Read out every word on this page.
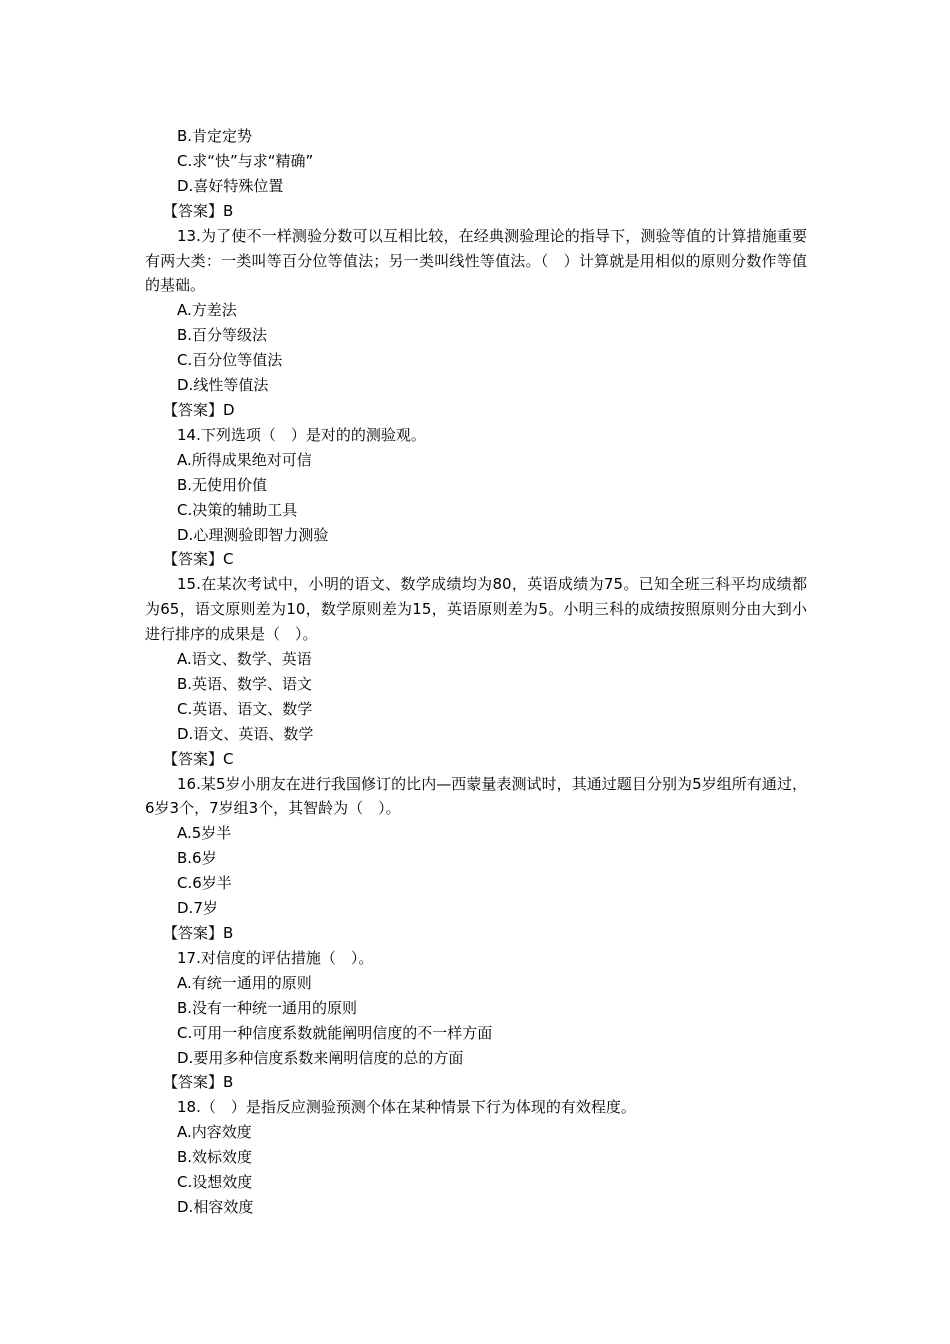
B.肯定定势

C.求“快”与求“精确”

D.喜好特殊位置

【答案】B

13.为了使不一样测验分数可以互相比较，在经典测验理论的指导下，测验等值的计算措施重要有两大类：一类叫等百分位等值法；另一类叫线性等值法。（　）计算就是用相似的原则分数作等值的基础。

A.方差法

B.百分等级法

C.百分位等值法

D.线性等值法

【答案】D

14.下列选项（　）是对的的测验观。

A.所得成果绝对可信

B.无使用价值

C.决策的辅助工具

D.心理测验即智力测验

【答案】C

15.在某次考试中，小明的语文、数学成绩均为80，英语成绩为75。已知全班三科平均成绩都为65，语文原则差为10，数学原则差为15，英语原则差为5。小明三科的成绩按照原则分由大到小进行排序的成果是（　）。

A.语文、数学、英语

B.英语、数学、语文

C.英语、语文、数学

D.语文、英语、数学

【答案】C

16.某5岁小朋友在进行我国修订的比内—西蒙量表测试时，其通过题目分别为5岁组所有通过，6岁3个，7岁组3个，其智龄为（　）。

A.5岁半

B.6岁

C.6岁半

D.7岁

【答案】B

17.对信度的评估措施（　）。

A.有统一通用的原则

B.没有一种统一通用的原则

C.可用一种信度系数就能阐明信度的不一样方面

D.要用多种信度系数来阐明信度的总的方面

【答案】B

18.（　）是指反应测验预测个体在某种情景下行为体现的有效程度。

A.内容效度

B.效标效度

C.设想效度

D.相容效度
